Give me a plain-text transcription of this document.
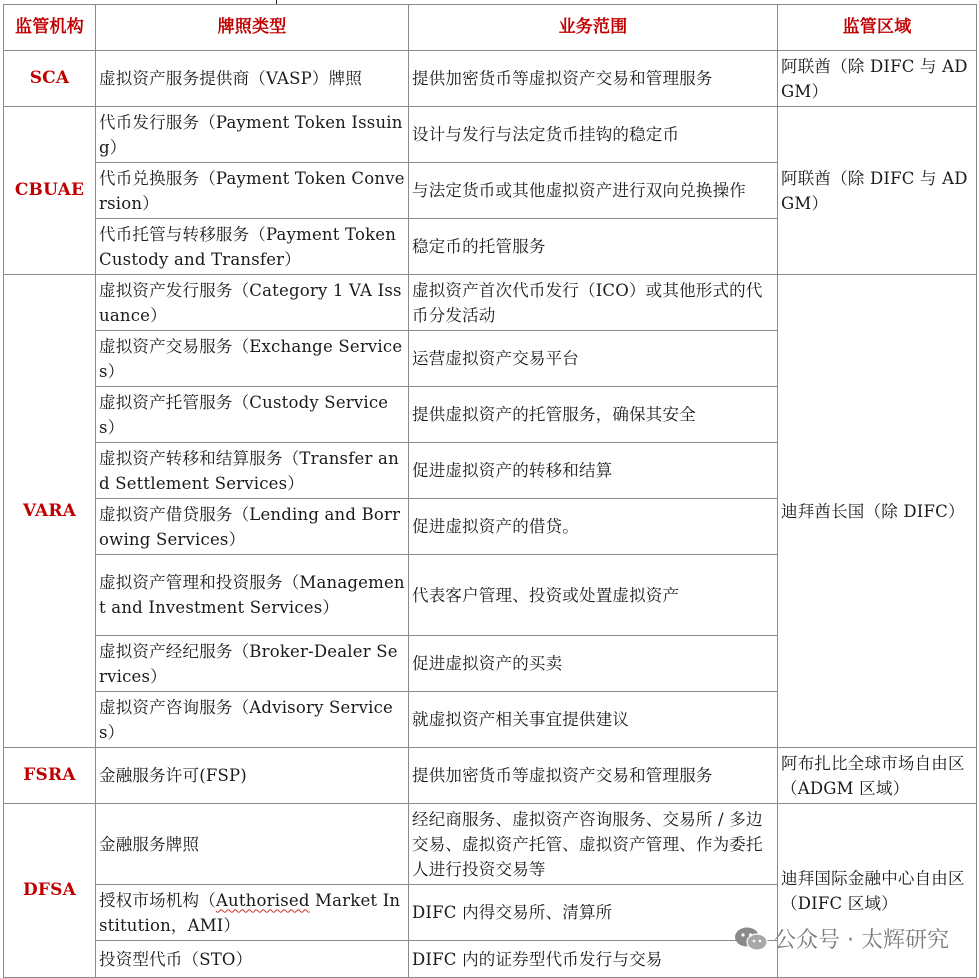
监管机构	牌照类型	业务范围	监管区域
SCA	虚拟资产服务提供商（VASP）牌照	提供加密货币等虚拟资产交易和管理服务	阿联酋（除 DIFC 与 ADGM）
CBUAE	代币发行服务（Payment Token Issuing）	设计与发行与法定货币挂钩的稳定币	阿联酋（除 DIFC 与 ADGM）
	代币兑换服务（Payment Token Conversion）	与法定货币或其他虚拟资产进行双向兑换操作	
	代币托管与转移服务（Payment Token Custody and Transfer）	稳定币的托管服务	
VARA	虚拟资产发行服务（Category 1 VA Issuance）	虚拟资产首次代币发行（ICO）或其他形式的代币分发活动	迪拜酋长国（除 DIFC）
	虚拟资产交易服务（Exchange Services）	运营虚拟资产交易平台	
	虚拟资产托管服务（Custody Services）	提供虚拟资产的托管服务，确保其安全	
	虚拟资产转移和结算服务（Transfer and Settlement Services）	促进虚拟资产的转移和结算	
	虚拟资产借贷服务（Lending and Borrowing Services）	促进虚拟资产的借贷。	
	虚拟资产管理和投资服务（Management and Investment Services）	代表客户管理、投资或处置虚拟资产	
	虚拟资产经纪服务（Broker-Dealer Services）	促进虚拟资产的买卖	
	虚拟资产咨询服务（Advisory Services）	就虚拟资产相关事宜提供建议	
FSRA	金融服务许可(FSP)	提供加密货币等虚拟资产交易和管理服务	阿布扎比全球市场自由区（ADGM 区域）
DFSA	金融服务牌照	经纪商服务、虚拟资产咨询服务、交易所 / 多边交易、虚拟资产托管、虚拟资产管理、作为委托人进行投资交易等	迪拜国际金融中心自由区（DIFC 区域）
	授权市场机构（Authorised Market Institution，AMI）	DIFC 内得交易所、清算所	
	投资型代币（STO）	DIFC 内的证券型代币发行与交易	
公众号 · 太辉研究
